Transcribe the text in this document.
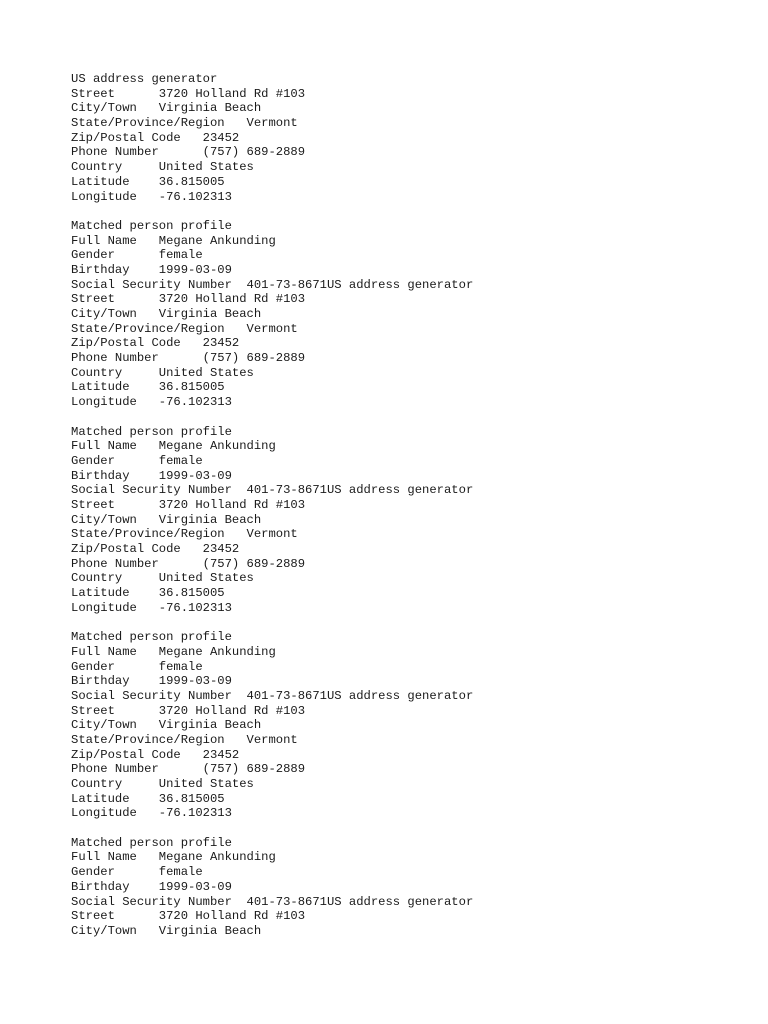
US address generator
Street      3720 Holland Rd #103
City/Town   Virginia Beach
State/Province/Region   Vermont
Zip/Postal Code   23452
Phone Number      (757) 689-2889
Country     United States
Latitude    36.815005
Longitude   -76.102313
Matched person profile
Full Name   Megane Ankunding
Gender      female
Birthday    1999-03-09
Social Security Number  401-73-8671US address generator
Street      3720 Holland Rd #103
City/Town   Virginia Beach
State/Province/Region   Vermont
Zip/Postal Code   23452
Phone Number      (757) 689-2889
Country     United States
Latitude    36.815005
Longitude   -76.102313
Matched person profile
Full Name   Megane Ankunding
Gender      female
Birthday    1999-03-09
Social Security Number  401-73-8671US address generator
Street      3720 Holland Rd #103
City/Town   Virginia Beach
State/Province/Region   Vermont
Zip/Postal Code   23452
Phone Number      (757) 689-2889
Country     United States
Latitude    36.815005
Longitude   -76.102313
Matched person profile
Full Name   Megane Ankunding
Gender      female
Birthday    1999-03-09
Social Security Number  401-73-8671US address generator
Street      3720 Holland Rd #103
City/Town   Virginia Beach
State/Province/Region   Vermont
Zip/Postal Code   23452
Phone Number      (757) 689-2889
Country     United States
Latitude    36.815005
Longitude   -76.102313
Matched person profile
Full Name   Megane Ankunding
Gender      female
Birthday    1999-03-09
Social Security Number  401-73-8671US address generator
Street      3720 Holland Rd #103
City/Town   Virginia Beach
